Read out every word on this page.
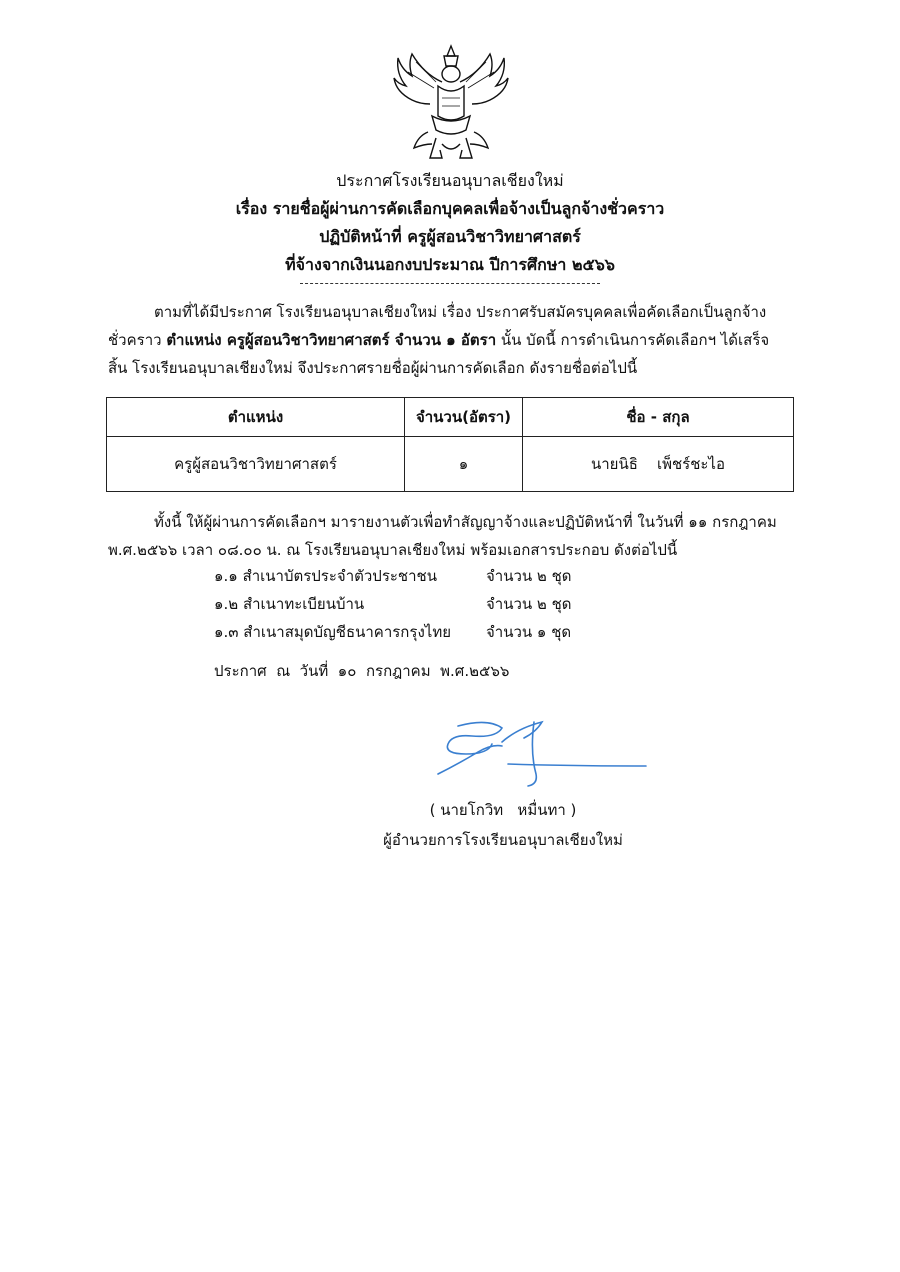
ประกาศโรงเรียนอนุบาลเชียงใหม่
เรื่อง รายชื่อผู้ผ่านการคัดเลือกบุคคลเพื่อจ้างเป็นลูกจ้างชั่วคราว
ปฏิบัติหน้าที่ ครูผู้สอนวิชาวิทยาศาสตร์
ที่จ้างจากเงินนอกงบประมาณ ปีการศึกษา ๒๕๖๖
ตามที่ได้มีประกาศ โรงเรียนอนุบาลเชียงใหม่ เรื่อง ประกาศรับสมัครบุคคลเพื่อคัดเลือกเป็นลูกจ้าง
ชั่วคราว ตำแหน่ง ครูผู้สอนวิชาวิทยาศาสตร์ จำนวน ๑ อัตรา นั้น บัดนี้ การดำเนินการคัดเลือกฯ ได้เสร็จ
สิ้น โรงเรียนอนุบาลเชียงใหม่ จึงประกาศรายชื่อผู้ผ่านการคัดเลือก ดังรายชื่อต่อไปนี้
ตำแหน่ง	จำนวน(อัตรา)	ชื่อ - สกุล
ครูผู้สอนวิชาวิทยาศาสตร์	๑	นายนิธิ    เพ็ชร์ชะไอ
ทั้งนี้ ให้ผู้ผ่านการคัดเลือกฯ มารายงานตัวเพื่อทำสัญญาจ้างและปฏิบัติหน้าที่ ในวันที่ ๑๑ กรกฎาคม
พ.ศ.๒๕๖๖ เวลา ๐๘.๐๐ น. ณ โรงเรียนอนุบาลเชียงใหม่ พร้อมเอกสารประกอบ ดังต่อไปนี้
๑.๑ สำเนาบัตรประจำตัวประชาชน	จำนวน ๒ ชุด
๑.๒ สำเนาทะเบียนบ้าน	จำนวน ๒ ชุด
๑.๓ สำเนาสมุดบัญชีธนาคารกรุงไทย	จำนวน ๑ ชุด
ประกาศ  ณ  วันที่  ๑๐  กรกฎาคม  พ.ศ.๒๕๖๖
( นายโกวิท   หมื่นทา )
ผู้อำนวยการโรงเรียนอนุบาลเชียงใหม่
